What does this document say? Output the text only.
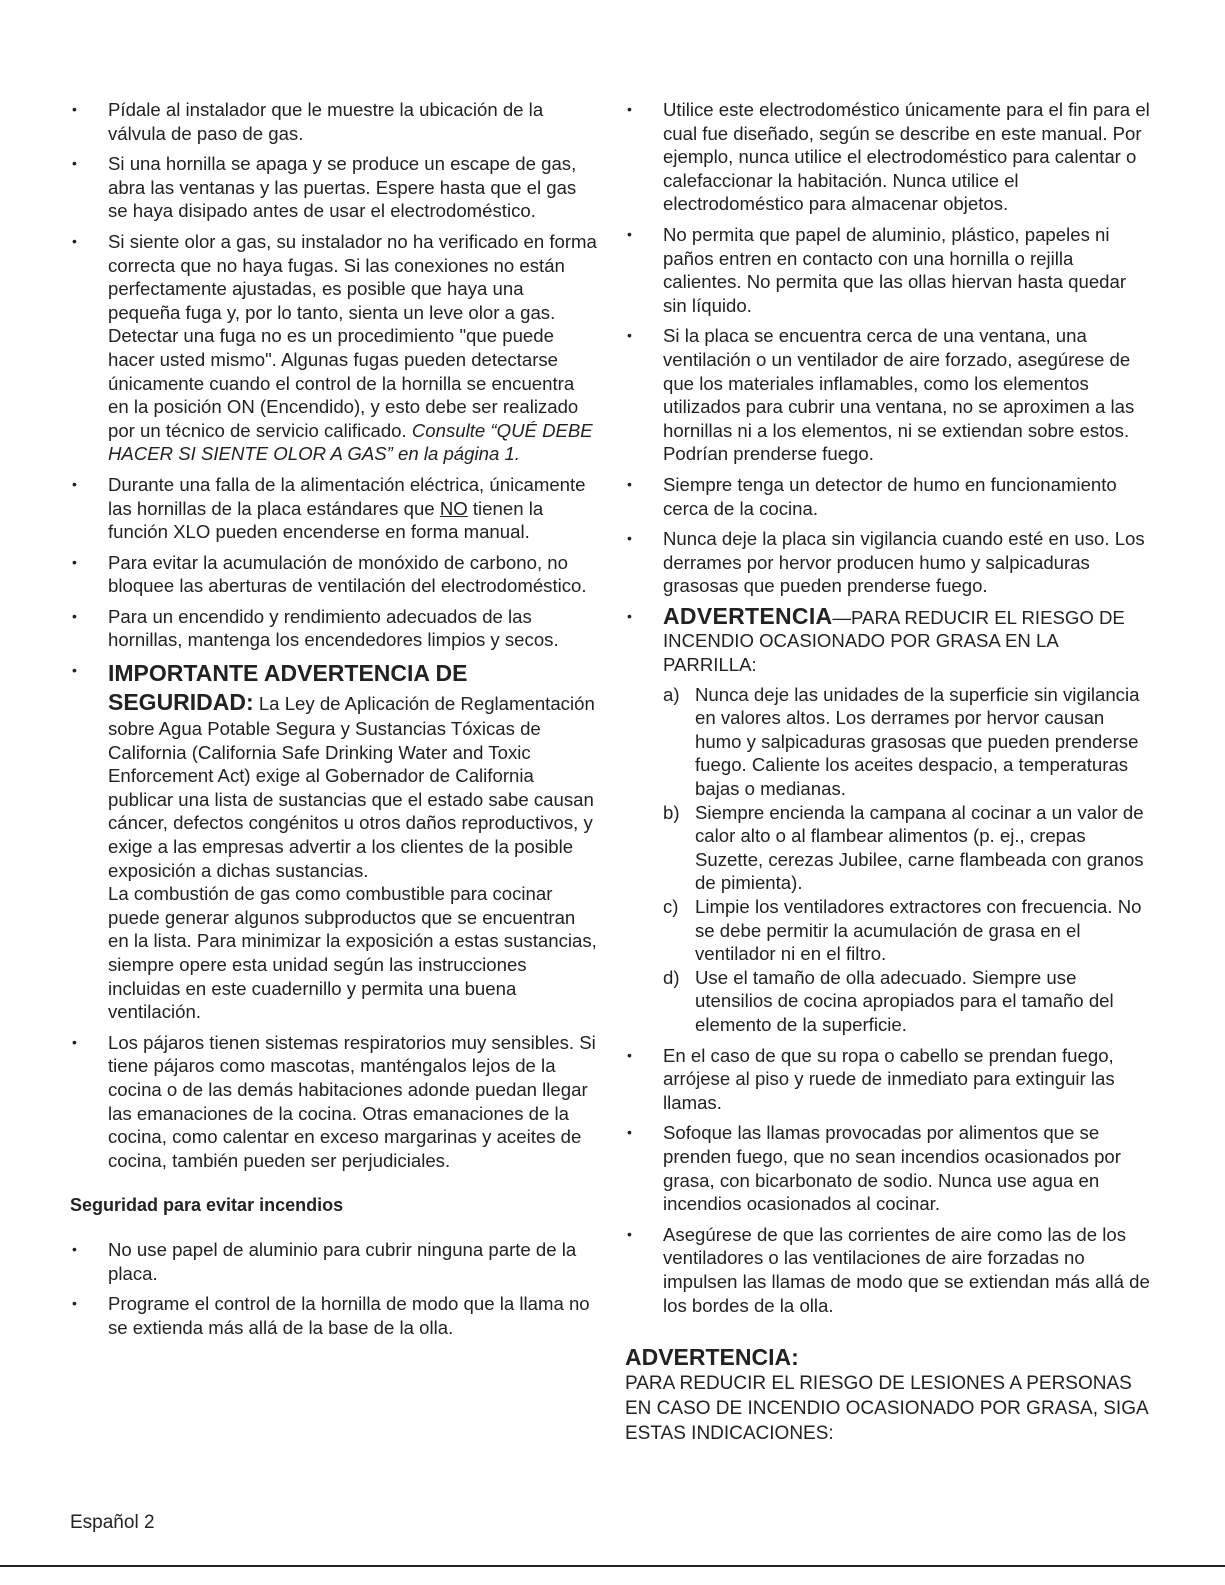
• Pídale al instalador que le muestre la ubicación de la válvula de paso de gas.
• Si una hornilla se apaga y se produce un escape de gas, abra las ventanas y las puertas. Espere hasta que el gas se haya disipado antes de usar el electrodoméstico.
• Si siente olor a gas, su instalador no ha verificado en forma correcta que no haya fugas. Si las conexiones no están perfectamente ajustadas, es posible que haya una pequeña fuga y, por lo tanto, sienta un leve olor a gas. Detectar una fuga no es un procedimiento "que puede hacer usted mismo". Algunas fugas pueden detectarse únicamente cuando el control de la hornilla se encuentra en la posición ON (Encendido), y esto debe ser realizado por un técnico de servicio calificado. Consulte “QUÉ DEBE HACER SI SIENTE OLOR A GAS” en la página 1.
• Durante una falla de la alimentación eléctrica, únicamente las hornillas de la placa estándares que NO tienen la función XLO pueden encenderse en forma manual.
• Para evitar la acumulación de monóxido de carbono, no bloquee las aberturas de ventilación del electrodoméstico.
• Para un encendido y rendimiento adecuados de las hornillas, mantenga los encendedores limpios y secos.
• IMPORTANTE ADVERTENCIA DE SEGURIDAD: La Ley de Aplicación de Reglamentación sobre Agua Potable Segura y Sustancias Tóxicas de California (California Safe Drinking Water and Toxic Enforcement Act) exige al Gobernador de California publicar una lista de sustancias que el estado sabe causan cáncer, defectos congénitos u otros daños reproductivos, y exige a las empresas advertir a los clientes de la posible exposición a dichas sustancias.
La combustión de gas como combustible para cocinar puede generar algunos subproductos que se encuentran en la lista. Para minimizar la exposición a estas sustancias, siempre opere esta unidad según las instrucciones incluidas en este cuadernillo y permita una buena ventilación.
• Los pájaros tienen sistemas respiratorios muy sensibles. Si tiene pájaros como mascotas, manténgalos lejos de la cocina o de las demás habitaciones adonde puedan llegar las emanaciones de la cocina. Otras emanaciones de la cocina, como calentar en exceso margarinas y aceites de cocina, también pueden ser perjudiciales.
Seguridad para evitar incendios
• No use papel de aluminio para cubrir ninguna parte de la placa.
• Programe el control de la hornilla de modo que la llama no se extienda más allá de la base de la olla.
• Utilice este electrodoméstico únicamente para el fin para el cual fue diseñado, según se describe en este manual. Por ejemplo, nunca utilice el electrodoméstico para calentar o calefaccionar la habitación. Nunca utilice el electrodoméstico para almacenar objetos.
• No permita que papel de aluminio, plástico, papeles ni paños entren en contacto con una hornilla o rejilla calientes. No permita que las ollas hiervan hasta quedar sin líquido.
• Si la placa se encuentra cerca de una ventana, una ventilación o un ventilador de aire forzado, asegúrese de que los materiales inflamables, como los elementos utilizados para cubrir una ventana, no se aproximen a las hornillas ni a los elementos, ni se extiendan sobre estos. Podrían prenderse fuego.
• Siempre tenga un detector de humo en funcionamiento cerca de la cocina.
• Nunca deje la placa sin vigilancia cuando esté en uso. Los derrames por hervor producen humo y salpicaduras grasosas que pueden prenderse fuego.
• ADVERTENCIA—PARA REDUCIR EL RIESGO DE INCENDIO OCASIONADO POR GRASA EN LA PARRILLA:
a) Nunca deje las unidades de la superficie sin vigilancia en valores altos. Los derrames por hervor causan humo y salpicaduras grasosas que pueden prenderse fuego. Caliente los aceites despacio, a temperaturas bajas o medianas.
b) Siempre encienda la campana al cocinar a un valor de calor alto o al flambear alimentos (p. ej., crepas Suzette, cerezas Jubilee, carne flambeada con granos de pimienta).
c) Limpie los ventiladores extractores con frecuencia. No se debe permitir la acumulación de grasa en el ventilador ni en el filtro.
d) Use el tamaño de olla adecuado. Siempre use utensilios de cocina apropiados para el tamaño del elemento de la superficie.
• En el caso de que su ropa o cabello se prendan fuego, arrójese al piso y ruede de inmediato para extinguir las llamas.
• Sofoque las llamas provocadas por alimentos que se prenden fuego, que no sean incendios ocasionados por grasa, con bicarbonato de sodio. Nunca use agua en incendios ocasionados al cocinar.
• Asegúrese de que las corrientes de aire como las de los ventiladores o las ventilaciones de aire forzadas no impulsen las llamas de modo que se extiendan más allá de los bordes de la olla.
ADVERTENCIA:
PARA REDUCIR EL RIESGO DE LESIONES A PERSONAS EN CASO DE INCENDIO OCASIONADO POR GRASA, SIGA ESTAS INDICACIONES:
Español 2
